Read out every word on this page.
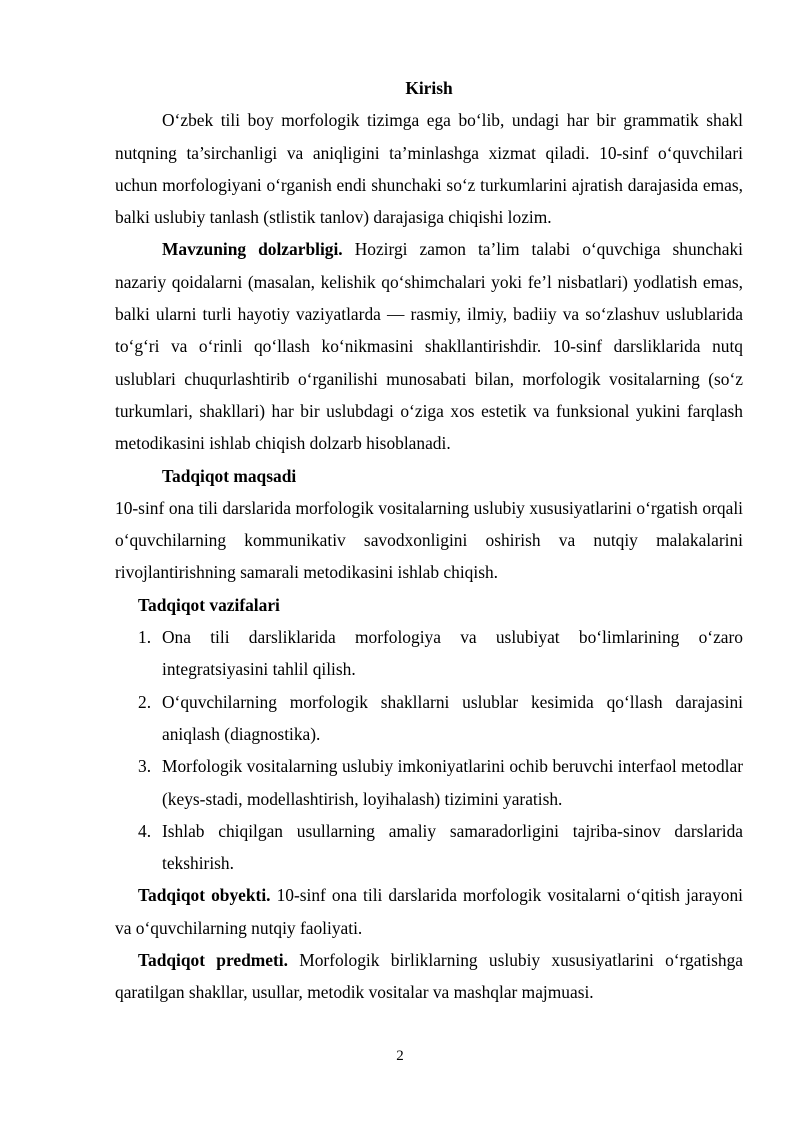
Kirish

O‘zbek tili boy morfologik tizimga ega bo‘lib, undagi har bir grammatik shakl nutqning ta’sirchanligi va aniqligini ta’minlashga xizmat qiladi. 10-sinf o‘quvchilari uchun morfologiyani o‘rganish endi shunchaki so‘z turkumlarini ajratish darajasida emas, balki uslubiy tanlash (stlistik tanlov) darajasiga chiqishi lozim.

Mavzuning dolzarbligi. Hozirgi zamon ta’lim talabi o‘quvchiga shunchaki nazariy qoidalarni (masalan, kelishik qo‘shimchalari yoki fe’l nisbatlari) yodlatish emas, balki ularni turli hayotiy vaziyatlarda — rasmiy, ilmiy, badiiy va so‘zlashuv uslublarida to‘g‘ri va o‘rinli qo‘llash ko‘nikmasini shakllantirishdir. 10-sinf darsliklarida nutq uslublari chuqurlashtirib o‘rganilishi munosabati bilan, morfologik vositalarning (so‘z turkumlari, shakllari) har bir uslubdagi o‘ziga xos estetik va funksional yukini farqlash metodikasini ishlab chiqish dolzarb hisoblanadi.

Tadqiqot maqsadi

10-sinf ona tili darslarida morfologik vositalarning uslubiy xususiyatlarini o‘rgatish orqali o‘quvchilarning kommunikativ savodxonligini oshirish va nutqiy malakalarini rivojlantirishning samarali metodikasini ishlab chiqish.

Tadqiqot vazifalari

1. Ona tili darsliklarida morfologiya va uslubiyat bo‘limlarining o‘zaro integratsiyasini tahlil qilish.
2. O‘quvchilarning morfologik shakllarni uslublar kesimida qo‘llash darajasini aniqlash (diagnostika).
3. Morfologik vositalarning uslubiy imkoniyatlarini ochib beruvchi interfaol metodlar (keys-stadi, modellashtirish, loyihalash) tizimini yaratish.
4. Ishlab chiqilgan usullarning amaliy samaradorligini tajriba-sinov darslarida tekshirish.

Tadqiqot obyekti. 10-sinf ona tili darslarida morfologik vositalarni o‘qitish jarayoni va o‘quvchilarning nutqiy faoliyati.

Tadqiqot predmeti. Morfologik birliklarning uslubiy xususiyatlarini o‘rgatishga qaratilgan shakllar, usullar, metodik vositalar va mashqlar majmuasi.

2
